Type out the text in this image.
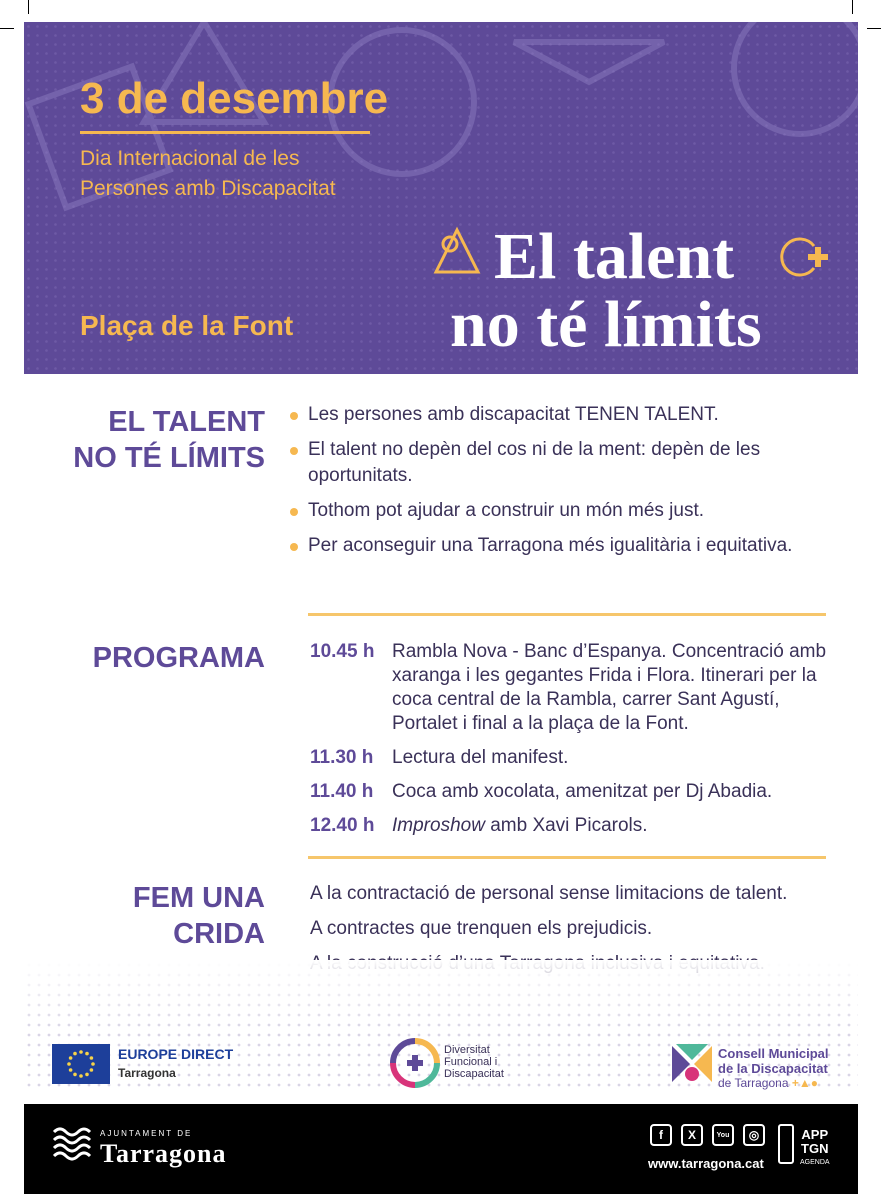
3 de desembre
Dia Internacional de les
Persones amb Discapacitat
Plaça de la Font
El talent
no té límits
EL TALENT
NO TÉ LÍMITS
Les persones amb discapacitat TENEN TALENT.
El talent no depèn del cos ni de la ment: depèn de les oportunitats.
Tothom pot ajudar a construir un món més just.
Per aconseguir una Tarragona més igualitària i equitativa.
PROGRAMA 10.45 h Rambla Nova - Banc d’Espanya. Concentració amb xaranga i les gegantes Frida i Flora. Itinerari per la coca central de la Rambla, carrer Sant Agustí, Portalet i final a la plaça de la Font.
11.30 h Lectura del manifest.
11.40 h Coca amb xocolata, amenitzat per Dj Abadia.
12.40 h Improshow amb Xavi Picarols.
FEM UNA
CRIDA
A la contractació de personal sense limitacions de talent.
A contractes que trenquen els prejudicis.
EUROPE DIRECT
Tarragona
Diversitat
Funcional i
Discapacitat
Consell Municipal
de la Discapacitat
de Tarragona +▲●
AJUNTAMENT DE
Tarragona
f	X	You	◎
www.tarragona.cat
APP
TGN
AGENDA
